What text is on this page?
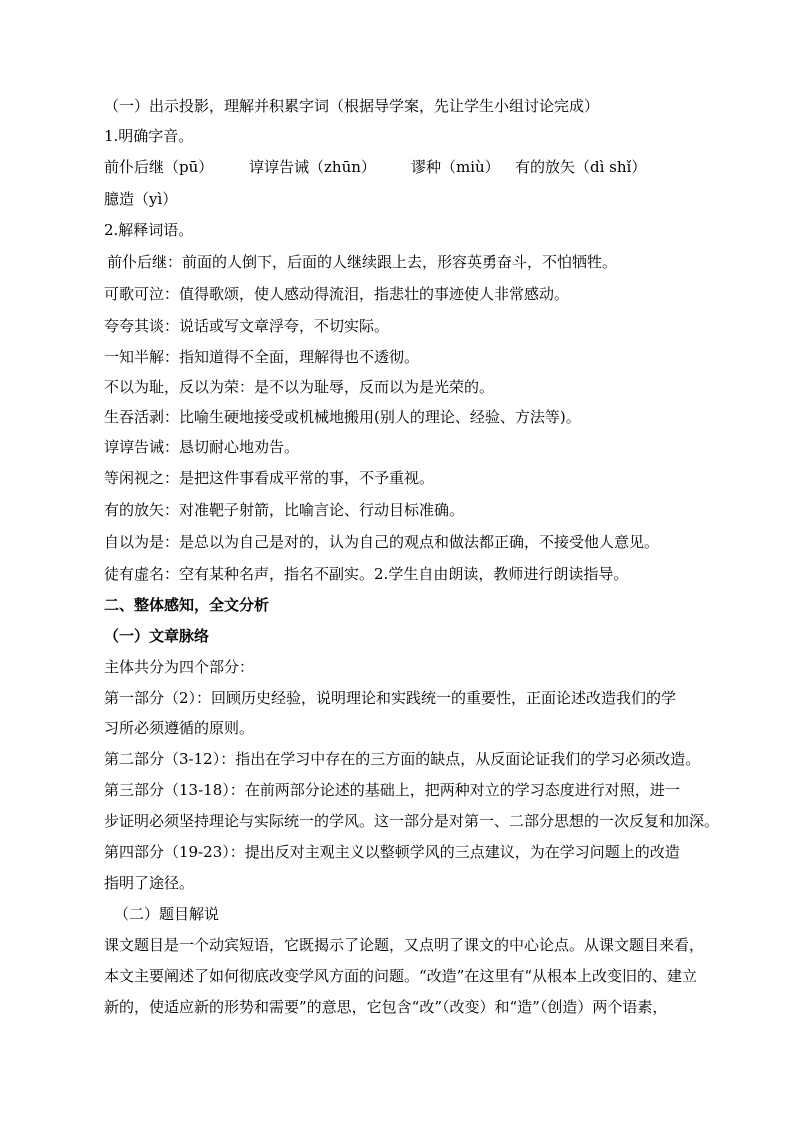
（一）出示投影，理解并积累字词（根据导学案，先让学生小组讨论完成）
1.明确字音。
前仆后继（pū）	谆谆告诫（zhūn）	谬种（miù）	有的放矢（dì shǐ）
臆造（yì）
2.解释词语。
前仆后继：前面的人倒下，后面的人继续跟上去，形容英勇奋斗，不怕牺牲。
可歌可泣：值得歌颂，使人感动得流泪，指悲壮的事迹使人非常感动。
夸夸其谈：说话或写文章浮夸，不切实际。
一知半解：指知道得不全面，理解得也不透彻。
不以为耻，反以为荣：是不以为耻辱，反而以为是光荣的。
生吞活剥：比喻生硬地接受或机械地搬用(别人的理论、经验、方法等)。
谆谆告诫：恳切耐心地劝告。
等闲视之：是把这件事看成平常的事，不予重视。
有的放矢：对准靶子射箭，比喻言论、行动目标准确。
自以为是：是总以为自己是对的，认为自己的观点和做法都正确，不接受他人意见。
徒有虚名：空有某种名声，指名不副实。2.学生自由朗读，教师进行朗读指导。
二、整体感知，全文分析
（一）文章脉络
主体共分为四个部分：
第一部分（2）：回顾历史经验，说明理论和实践统一的重要性，正面论述改造我们的学
习所必须遵循的原则。
第二部分（3-12）：指出在学习中存在的三方面的缺点，从反面论证我们的学习必须改造。
第三部分（13-18）：在前两部分论述的基础上，把两种对立的学习态度进行对照，进一
步证明必须坚持理论与实际统一的学风。这一部分是对第一、二部分思想的一次反复和加深。
第四部分（19-23）：提出反对主观主义以整顿学风的三点建议，为在学习问题上的改造
指明了途径。
（二）题目解说
课文题目是一个动宾短语，它既揭示了论题，又点明了课文的中心论点。从课文题目来看，
本文主要阐述了如何彻底改变学风方面的问题。“改造”在这里有“从根本上改变旧的、建立
新的，使适应新的形势和需要”的意思，它包含“改”（改变）和“造”（创造）两个语素，
